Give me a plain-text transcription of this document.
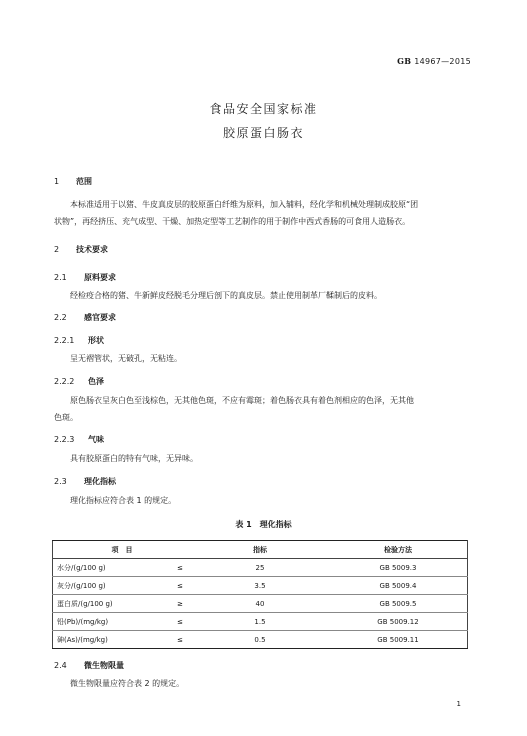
GB 14967—2015
食品安全国家标准
胶原蛋白肠衣
1 范围
本标准适用于以猪、牛皮真皮层的胶原蛋白纤维为原料，加入辅料，经化学和机械处理制成胶原“团
状物”，再经挤压、充气成型、干燥、加热定型等工艺制作的用于制作中西式香肠的可食用人造肠衣。
2 技术要求
2.1 原料要求
经检疫合格的猪、牛新鲜皮经脱毛分理后剖下的真皮层。禁止使用制革厂鞣制后的皮料。
2.2 感官要求
2.2.1 形状
呈无褶管状，无破孔，无粘连。
2.2.2 色泽
原色肠衣呈灰白色至浅棕色，无其他色斑，不应有霉斑；着色肠衣具有着色剂相应的色泽，无其他
色斑。
2.2.3 气味
具有胶原蛋白的特有气味，无异味。
2.3 理化指标
理化指标应符合表 1 的规定。
表 1　理化指标
项　目		指标	检验方法
水分/(g/100 g)	≤	25	GB 5009.3
灰分/(g/100 g)	≤	3.5	GB 5009.4
蛋白质/(g/100 g)	≥	40	GB 5009.5
铅(Pb)/(mg/kg)	≤	1.5	GB 5009.12
砷(As)/(mg/kg)	≤	0.5	GB 5009.11
2.4 微生物限量
微生物限量应符合表 2 的规定。
1
